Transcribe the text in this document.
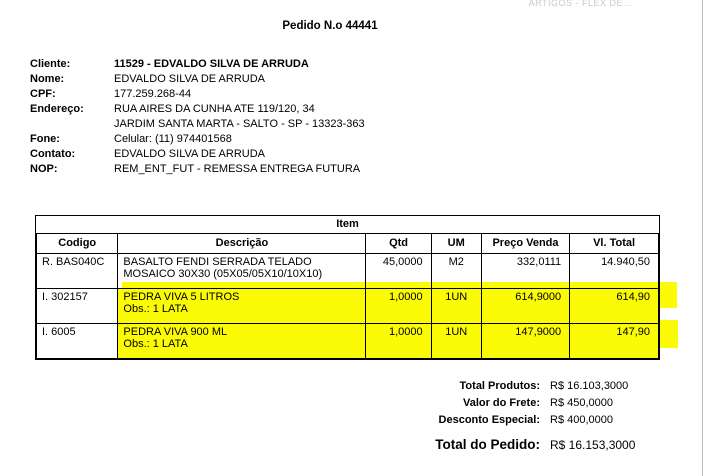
ARTIGOS - FLEX DE...
Pedido N.o 44441
Cliente:	11529 - EDVALDO SILVA DE ARRUDA
Nome:	EDVALDO SILVA DE ARRUDA
CPF:	177.259.268-44
Endereço:	RUA AIRES DA CUNHA ATE 119/120, 34
JARDIM SANTA MARTA - SALTO - SP - 13323-363
Fone:	Celular: (11) 974401568
Contato:	EDVALDO SILVA DE ARRUDA
NOP:	REM_ENT_FUT - REMESSA ENTREGA FUTURA
Item					
Codigo	Descrição	Qtd	UM	Preço Venda	Vl. Total
R. BAS040C	BASALTO FENDI SERRADA TELADO
MOSAICO 30X30 (05X05/05X10/10X10)	45,0000	M2	332,0111	14.940,50
I. 302157	PEDRA VIVA 5 LITROS
Obs.: 1 LATA	1,0000	1UN	614,9000	614,90
I. 6005	PEDRA VIVA 900 ML
Obs.: 1 LATA	1,0000	1UN	147,9000	147,90
Total Produtos: R$ 16.103,3000
Valor do Frete: R$ 450,0000
Desconto Especial: R$ 400,0000
Total do Pedido: R$ 16.153,3000
